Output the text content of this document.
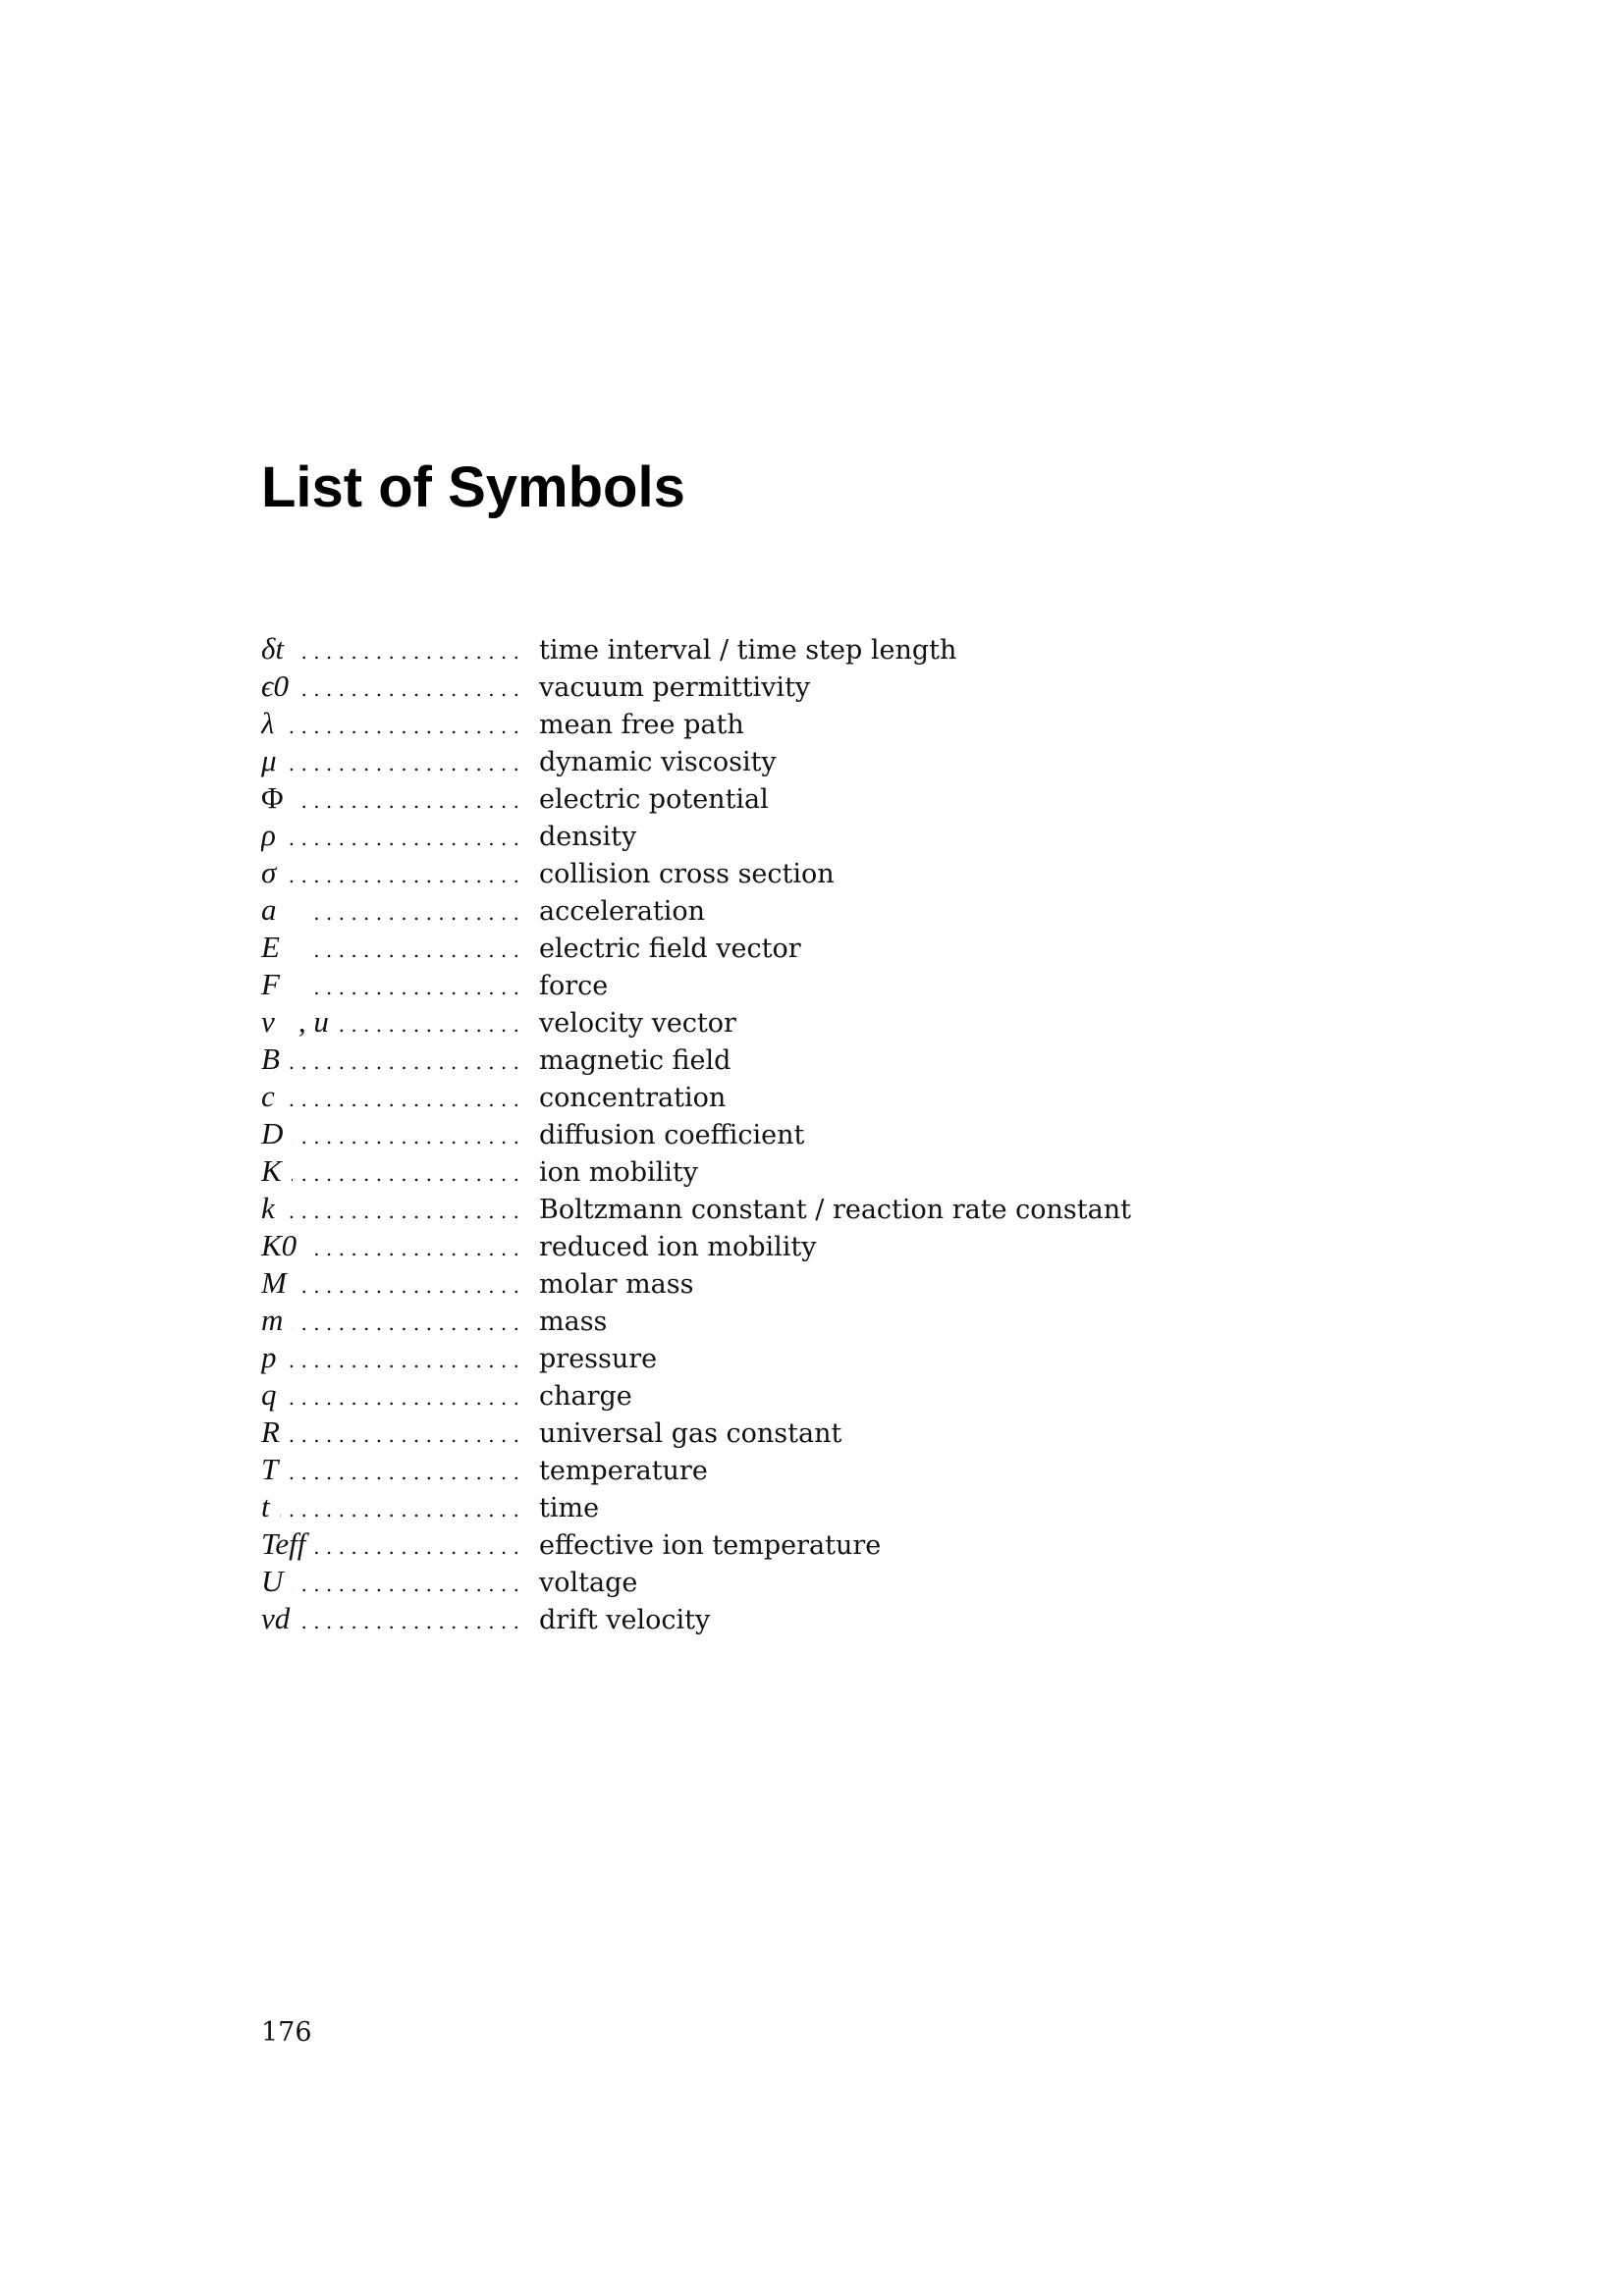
List of Symbols
δt . . .	time interval / time step length
ϵ0 . . .	vacuum permittivity
λ . . .	mean free path
μ . . .	dynamic viscosity
Φ . . .	electric potential
ρ . . .	density
σ . . .	collision cross section
a⃗ . . .	acceleration
E⃗ . . .	electric field vector
F⃗ . . .	force
v⃗, u . . .	velocity vector
B . . .	magnetic field
c . . .	concentration
D . . .	diffusion coefficient
K . . .	ion mobility
k . . .	Boltzmann constant / reaction rate constant
K0 . . .	reduced ion mobility
M . . .	molar mass
m . . .	mass
p . . .	pressure
q . . .	charge
R . . .	universal gas constant
T . . .	temperature
t . . .	time
Teff . . .	effective ion temperature
U . . .	voltage
vd . . .	drift velocity

176
